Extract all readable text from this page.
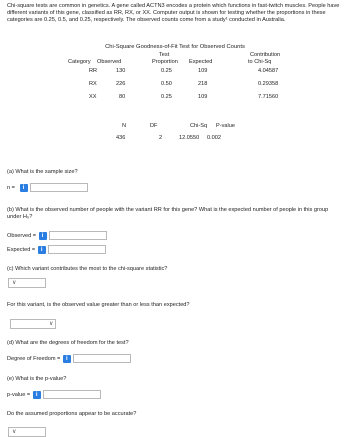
Chi-square tests are common in genetics. A gene called ACTN3 encodes a protein which functions in fast-twitch muscles. People have different variants of this gene, classified as RR, RX, or XX. Computer output is shown for testing whether the proportions in these categories are 0.25, 0.5, and 0.25, respectively. The observed counts come from a study¹ conducted in Australia.
Chi-Square Goodness-of-Fit Test for Observed Counts
Test	Contribution
Category Observed	Proportion Expected	to Chi-Sq
RR	130	0.25	109	4.04587
RX	226	0.50	218	0.29358
XX	80	0.25	109	7.71560
N	DF	Chi-Sq P-value
436	2	12.0550 0.002
(a) What is the sample size?
n = i
(b) What is the observed number of people with the variant RR for this gene? What is the expected number of people in this group under H₀?
Observed = i
Expected = i
(c) Which variant contributes the most to the chi-square statistic?
∨
For this variant, is the observed value greater than or less than expected?
∨
(d) What are the degrees of freedom for the test?
Degree of Freedom = i
(e) What is the p-value?
p-value = i
Do the assumed proportions appear to be accurate?
∨
